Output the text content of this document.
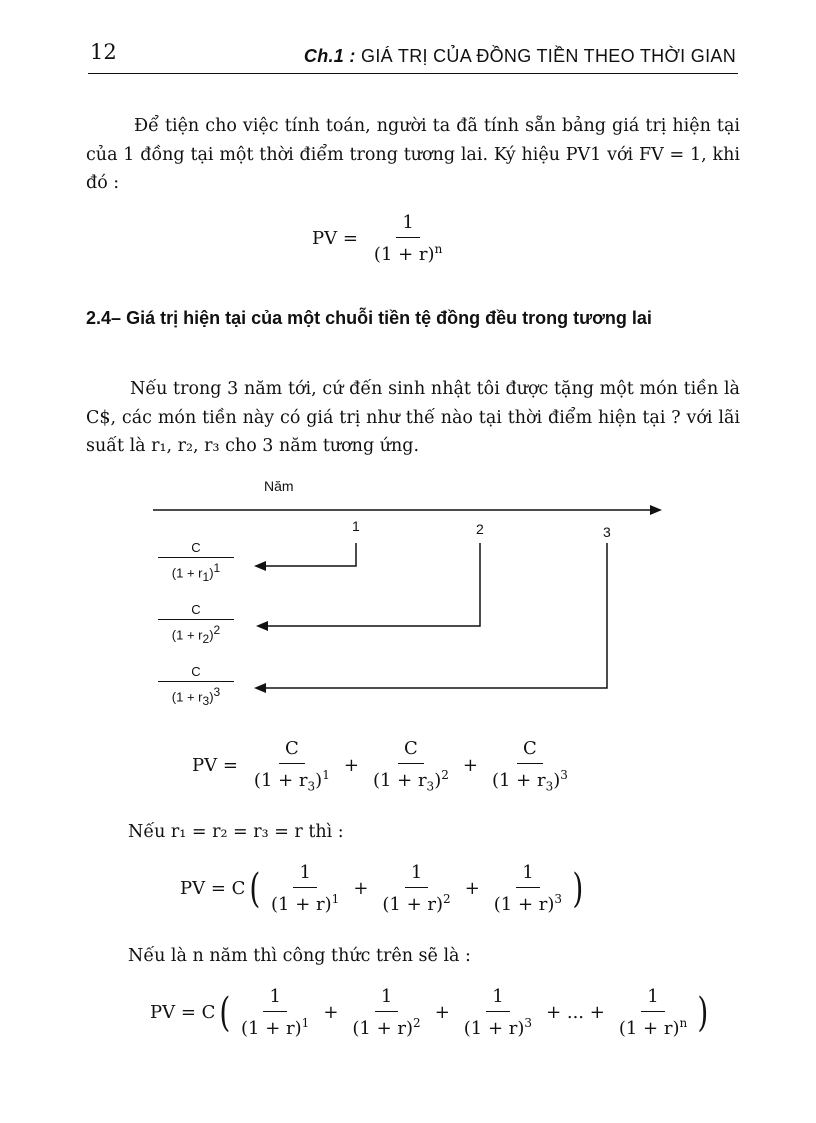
12	Ch.1 : GIÁ TRỊ CỦA ĐỒNG TIỀN THEO THỜI GIAN
Để tiện cho việc tính toán, người ta đã tính sẵn bảng giá trị hiện tại của 1 đồng tại một thời điểm trong tương lai. Ký hiệu PV1 với FV = 1, khi đó :
PV = $\frac{1}{(1 + r)^n}$
2.4– Giá trị hiện tại của một chuỗi tiền tệ đồng đều trong tương lai
Nếu trong 3 năm tới, cứ đến sinh nhật tôi được tặng một món tiền là C$, các món tiền này có giá trị như thế nào tại thời điểm hiện tại ? với lãi suất là r₁, r₂, r₃ cho 3 năm tương ứng.
Năm
1	2	3
$\frac{C}{(1 + r_1)^1}$
$\frac{C}{(1 + r_2)^2}$
$\frac{C}{(1 + r_3)^3}$
PV = $\frac{C}{(1 + r_3)^1} + \frac{C}{(1 + r_3)^2} + \frac{C}{(1 + r_3)^3}$
Nếu r₁ = r₂ = r₃ = r thì :
PV = C ( $\frac{1}{(1 + r)^1} + \frac{1}{(1 + r)^2} + \frac{1}{(1 + r)^3}$ )
Nếu là n năm thì công thức trên sẽ là :
PV = C ( $\frac{1}{(1 + r)^1} + \frac{1}{(1 + r)^2} + \frac{1}{(1 + r)^3}$ + ... + $\frac{1}{(1 + r)^n}$ )
